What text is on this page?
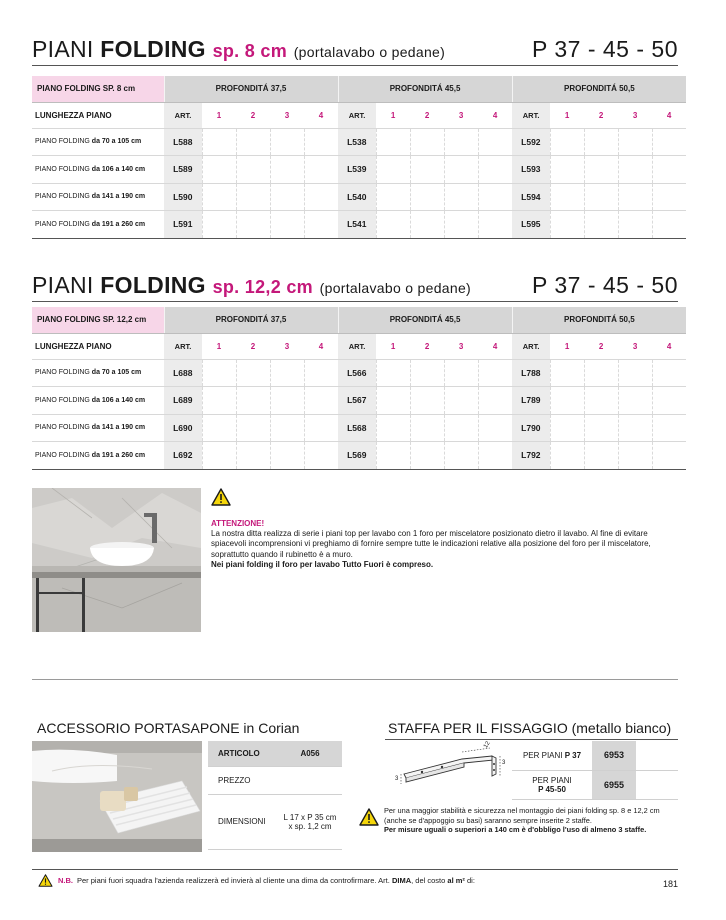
PIANI FOLDING sp. 8 cm (portalavabo o pedane)	P 37 - 45 - 50
PIANO FOLDING SP. 8 cm	PROFONDITÁ 37,5					PROFONDITÁ 45,5					PROFONDITÁ 50,5				
LUNGHEZZA PIANO	ART.	1	2	3	4	ART.	1	2	3	4	ART.	1	2	3	4
PIANO FOLDING da 70 a 105 cm	L588					L538					L592				
PIANO FOLDING da 106 a 140 cm	L589					L539					L593				
PIANO FOLDING da 141 a 190 cm	L590					L540					L594				
PIANO FOLDING da 191 a 260 cm	L591					L541					L595				
PIANI FOLDING sp. 12,2 cm (portalavabo o pedane)	P 37 - 45 - 50
PIANO FOLDING SP. 12,2 cm	PROFONDITÁ 37,5					PROFONDITÁ 45,5					PROFONDITÁ 50,5				
LUNGHEZZA PIANO	ART.	1	2	3	4	ART.	1	2	3	4	ART.	1	2	3	4
PIANO FOLDING da 70 a 105 cm	L688					L566					L788				
PIANO FOLDING da 106 a 140 cm	L689					L567					L789				
PIANO FOLDING da 141 a 190 cm	L690					L568					L790				
PIANO FOLDING da 191 a 260 cm	L692					L569					L792				
ATTENZIONE!
La nostra ditta realizza di serie i piani top per lavabo con 1 foro per miscelatore posizionato dietro il lavabo. Al fine di evitare spiacevoli incomprensioni vi preghiamo di fornire sempre tutte le indicazioni relative alla posizione del foro per il miscelatore, soprattutto quando il rubinetto è a muro.
Nei piani folding il foro per lavabo Tutto Fuori è compreso.
ACCESSORIO PORTASAPONE in Corian
ARTICOLO	A056
PREZZO	
DIMENSIONI	L 17 x P 35 cm
x sp. 1,2 cm
STAFFA PER IL FISSAGGIO (metallo bianco)
12
3
3
PER PIANI P 37	6953	

PER PIANI
P 45-50	6955	
Per una maggior stabilità e sicurezza nel montaggio dei piani folding sp. 8 e 12,2 cm (anche se d'appoggio su basi) saranno sempre inserite 2 staffe.
Per misure uguali o superiori a 140 cm è d'obbligo l'uso di almeno 3 staffe.
N.B. Per piani fuori squadra l'azienda realizzerà ed invierà al cliente una dima da controfirmare. Art.
DIMA , del costo
al m²
di:	181
